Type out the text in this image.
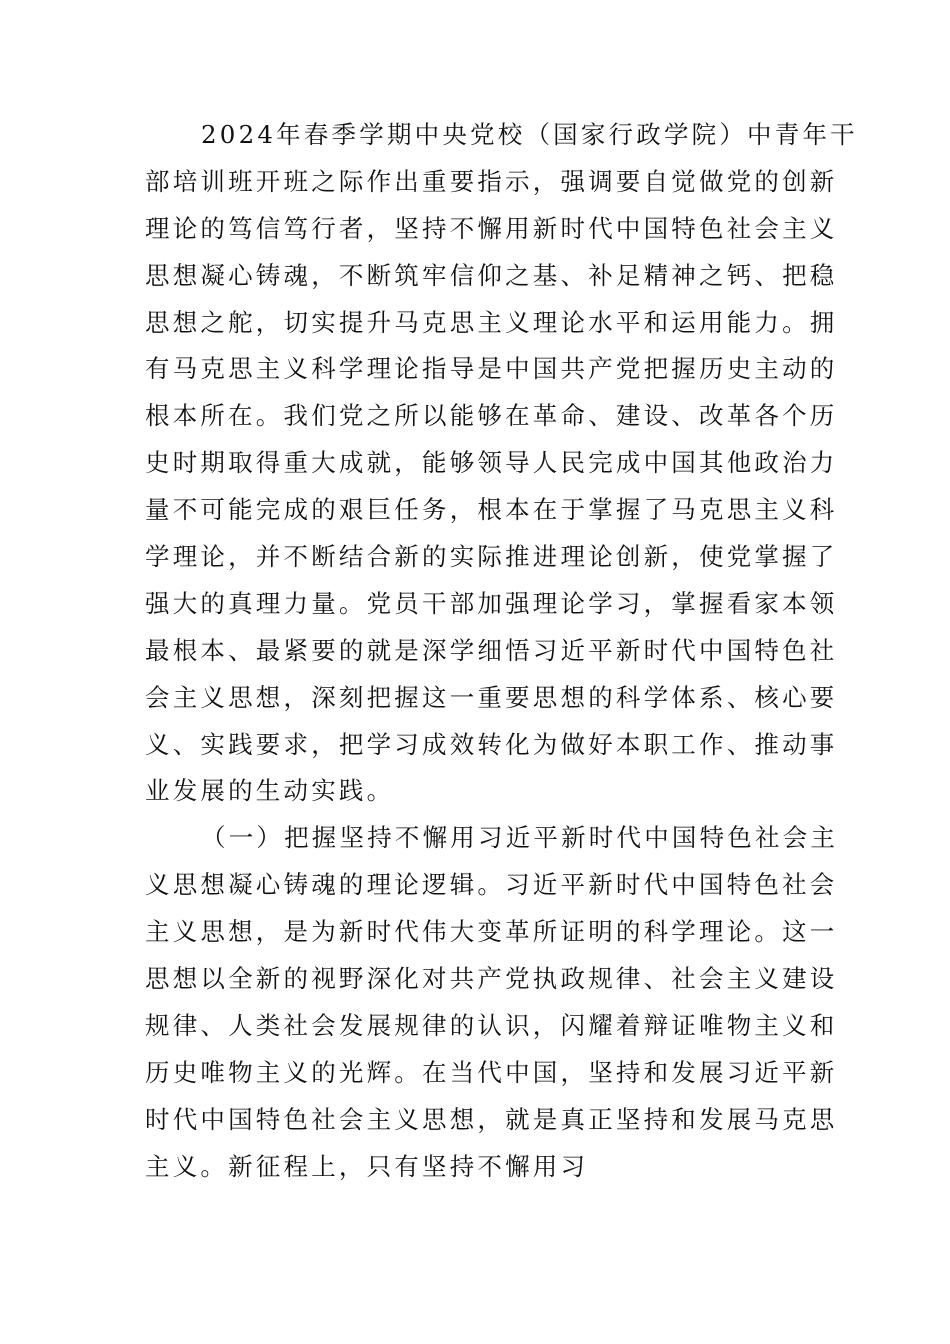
2024年春季学期中央党校（国家行政学院）中青年干
部培训班开班之际作出重要指示，强调要自觉做党的创新
理论的笃信笃行者，坚持不懈用新时代中国特色社会主义
思想凝心铸魂，不断筑牢信仰之基、补足精神之钙、把稳
思想之舵，切实提升马克思主义理论水平和运用能力。拥
有马克思主义科学理论指导是中国共产党把握历史主动的
根本所在。我们党之所以能够在革命、建设、改革各个历
史时期取得重大成就，能够领导人民完成中国其他政治力
量不可能完成的艰巨任务，根本在于掌握了马克思主义科
学理论，并不断结合新的实际推进理论创新，使党掌握了
强大的真理力量。党员干部加强理论学习，掌握看家本领
最根本、最紧要的就是深学细悟习近平新时代中国特色社
会主义思想，深刻把握这一重要思想的科学体系、核心要
义、实践要求，把学习成效转化为做好本职工作、推动事
业发展的生动实践。
（一）把握坚持不懈用习近平新时代中国特色社会主
义思想凝心铸魂的理论逻辑。习近平新时代中国特色社会
主义思想，是为新时代伟大变革所证明的科学理论。这一
思想以全新的视野深化对共产党执政规律、社会主义建设
规律、人类社会发展规律的认识，闪耀着辩证唯物主义和
历史唯物主义的光辉。在当代中国，坚持和发展习近平新
时代中国特色社会主义思想，就是真正坚持和发展马克思
主义。新征程上，只有坚持不懈用习
